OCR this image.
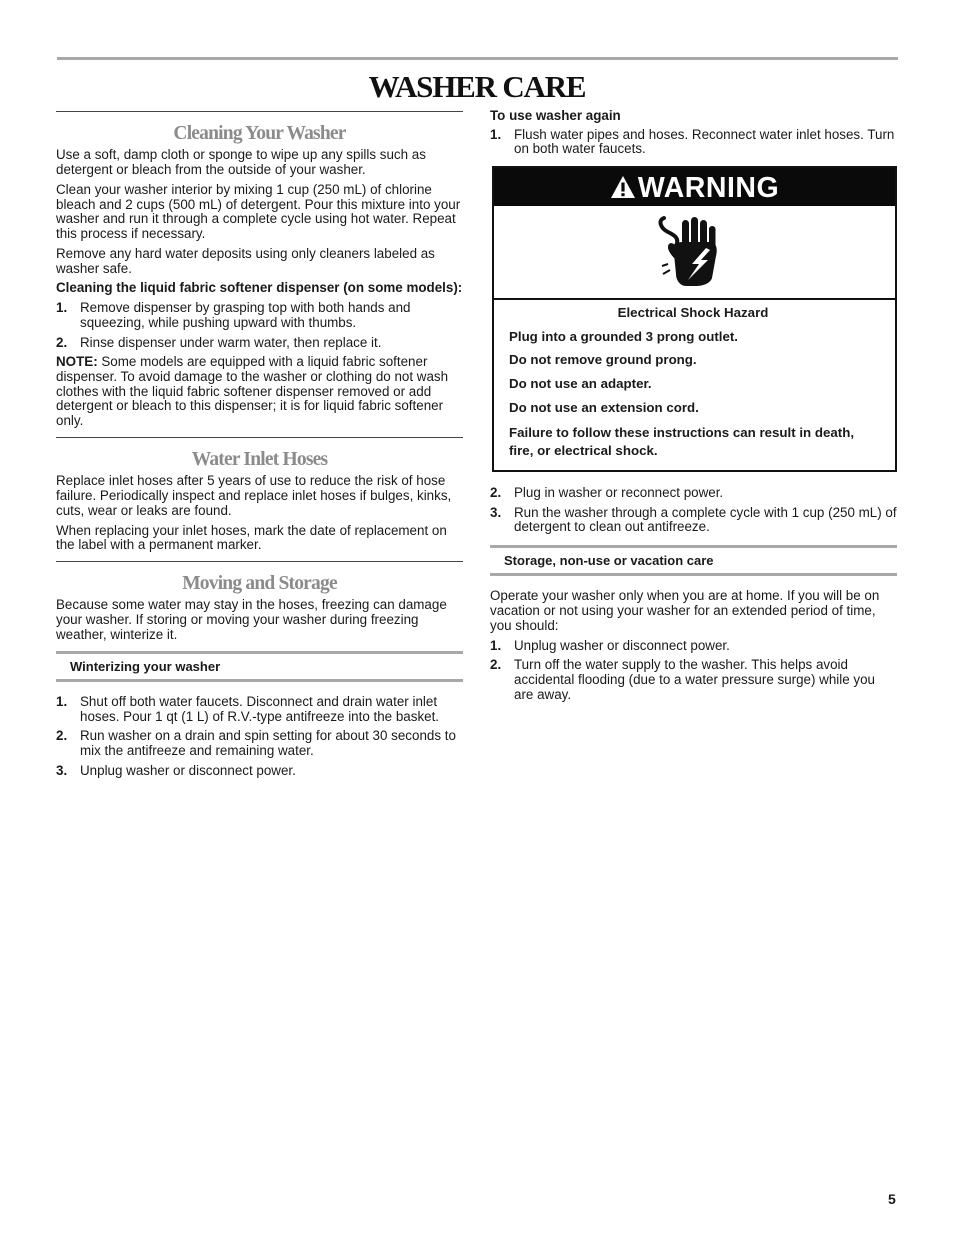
WASHER CARE
Cleaning Your Washer

Use a soft, damp cloth or sponge to wipe up any spills such as detergent or bleach from the outside of your washer.

Clean your washer interior by mixing 1 cup (250 mL) of chlorine bleach and 2 cups (500 mL) of detergent. Pour this mixture into your washer and run it through a complete cycle using hot water. Repeat this process if necessary.

Remove any hard water deposits using only cleaners labeled as washer safe.

Cleaning the liquid fabric softener dispenser (on some models):

1. Remove dispenser by grasping top with both hands and squeezing, while pushing upward with thumbs.
2. Rinse dispenser under warm water, then replace it.

NOTE: Some models are equipped with a liquid fabric softener dispenser. To avoid damage to the washer or clothing do not wash clothes with the liquid fabric softener dispenser removed or add detergent or bleach to this dispenser; it is for liquid fabric softener only.

Water Inlet Hoses

Replace inlet hoses after 5 years of use to reduce the risk of hose failure. Periodically inspect and replace inlet hoses if bulges, kinks, cuts, wear or leaks are found.

When replacing your inlet hoses, mark the date of replacement on the label with a permanent marker.

Moving and Storage

Because some water may stay in the hoses, freezing can damage your washer. If storing or moving your washer during freezing weather, winterize it.

Winterizing your washer
1. Shut off both water faucets. Disconnect and drain water inlet hoses. Pour 1 qt (1 L) of R.V.-type antifreeze into the basket.
2. Run washer on a drain and spin setting for about 30 seconds to mix the antifreeze and remaining water.
3. Unplug washer or disconnect power.

To use washer again

1. Flush water pipes and hoses. Reconnect water inlet hoses. Turn on both water faucets.
WARNING

Electrical Shock Hazard

Plug into a grounded 3 prong outlet.

Do not remove ground prong.

Do not use an adapter.

Do not use an extension cord.

Failure to follow these instructions can result in death, fire, or electrical shock.

2. Plug in washer or reconnect power.
3. Run the washer through a complete cycle with 1 cup (250 mL) of detergent to clean out antifreeze.
Storage, non-use or vacation care

Operate your washer only when you are at home. If you will be on vacation or not using your washer for an extended period of time, you should:

1. Unplug washer or disconnect power.
2. Turn off the water supply to the washer. This helps avoid accidental flooding (due to a water pressure surge) while you are away.
5
